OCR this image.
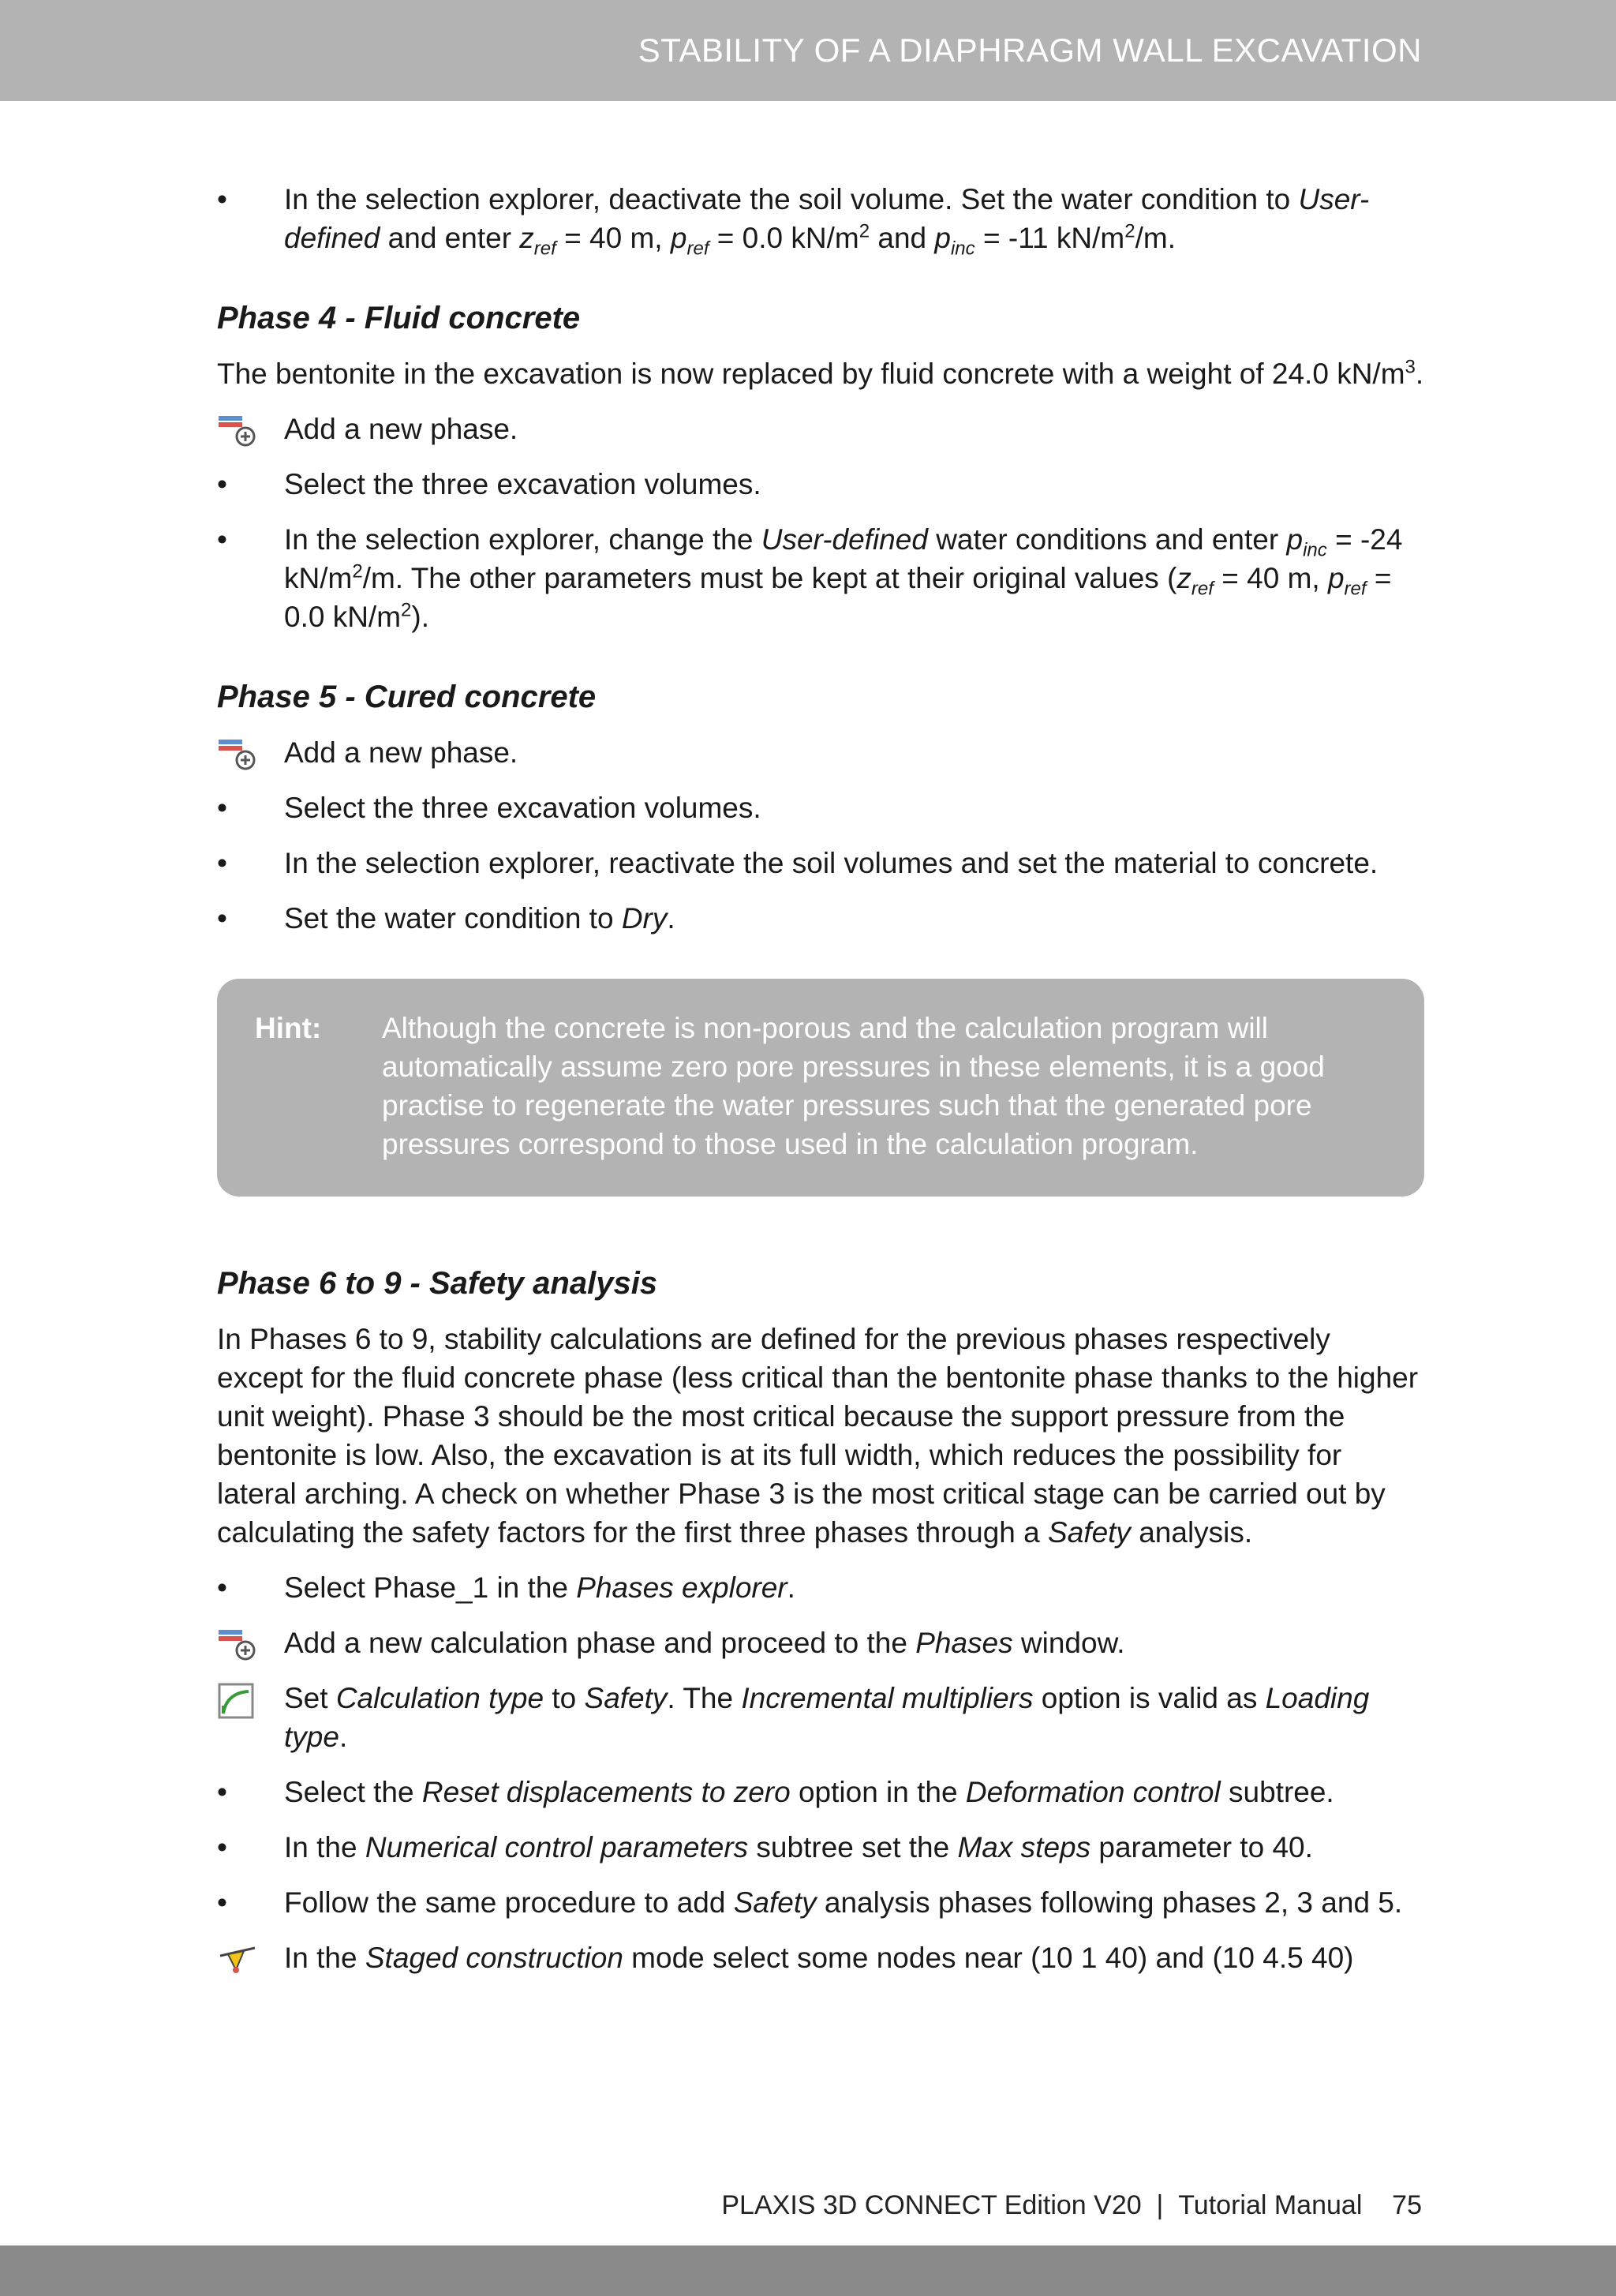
STABILITY OF A DIAPHRAGM WALL EXCAVATION
•	In the selection explorer, deactivate the soil volume. Set the water condition to User-defined and enter $z_{ref} = 40$ m, $p_{ref} = 0.0$ $kN/m^2$ and $p_{inc} = -11$ $kN/m^2/m$.
Phase 4 - Fluid concrete

The bentonite in the excavation is now replaced by fluid concrete with a weight of 24.0 $kN/m^3$.

Add a new phase.
•	Select the three excavation volumes.
•	In the selection explorer, change the User-defined water conditions and enter $p_{inc} = -24$ $kN/m^2/m$. The other parameters must be kept at their original values ($z_{ref} = 40$ m, $p_{ref} = 0.0$ $kN/m^2$).
Phase 5 - Cured concrete
Add a new phase.
•	Select the three excavation volumes.
•	In the selection explorer, reactivate the soil volumes and set the material to concrete.
•	Set the water condition to Dry.
Hint: Although the concrete is non-porous and the calculation program will automatically assume zero pore pressures in these elements, it is a good practise to regenerate the water pressures such that the generated pore pressures correspond to those used in the calculation program.
Phase 6 to 9 - Safety analysis

In Phases 6 to 9, stability calculations are defined for the previous phases respectively except for the fluid concrete phase (less critical than the bentonite phase thanks to the higher unit weight). Phase 3 should be the most critical because the support pressure from the bentonite is low. Also, the excavation is at its full width, which reduces the possibility for lateral arching. A check on whether Phase 3 is the most critical stage can be carried out by calculating the safety factors for the first three phases through a Safety analysis.

•	Select Phase_1 in the Phases explorer.
Add a new calculation phase and proceed to the Phases window.
Set Calculation type to Safety. The Incremental multipliers option is valid as Loading type.
•	Select the Reset displacements to zero option in the Deformation control subtree.
•	In the Numerical control parameters subtree set the Max steps parameter to 40.
•	Follow the same procedure to add Safety analysis phases following phases 2, 3 and 5.
In the Staged construction mode select some nodes near (10 1 40) and (10 4.5 40)
PLAXIS 3D CONNECT Edition V20 | Tutorial Manual 75
